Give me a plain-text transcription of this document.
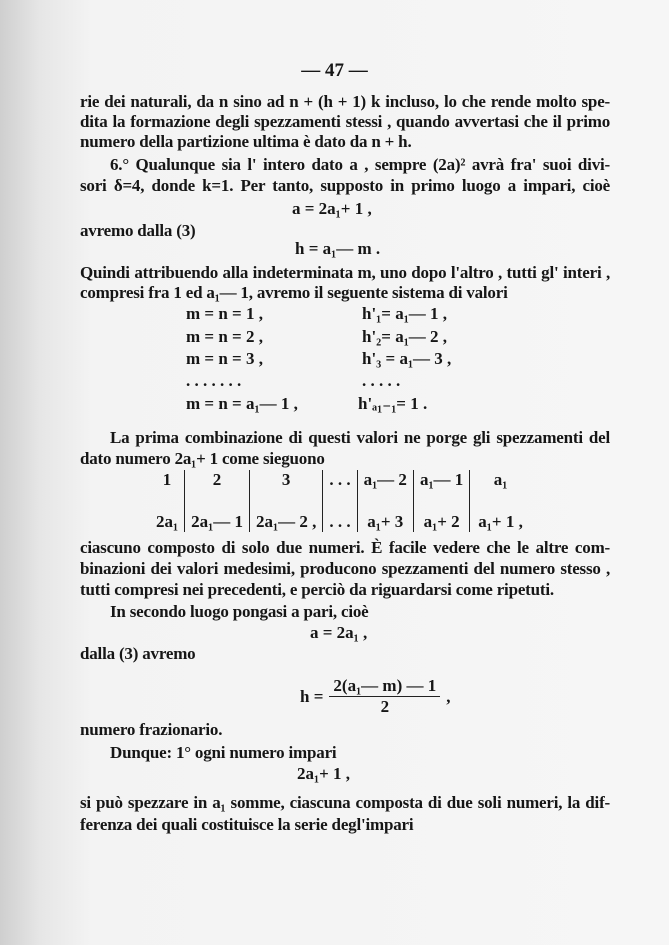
— 47 —
rie dei naturali, da n sino ad n + (h + 1) k incluso, lo che rende molto spe-
dita la formazione degli spezzamenti stessi , quando avvertasi che il primo
numero della partizione ultima è dato da n + h.
6.° Qualunque sia l' intero dato a , sempre (2a)² avrà fra' suoi divi-
sori δ=4, donde k=1. Per tanto, supposto in primo luogo a impari, cioè
a = 2a₁+ 1 ,
avremo dalla (3)
h = a₁— m .
Quindi attribuendo alla indeterminata m, uno dopo l'altro , tutti gl' interi ,
compresi fra 1 ed a₁— 1, avremo il seguente sistema di valori
m = n = 1 ,
m = n = 2 ,
m = n = 3 ,
. . . . . . .
m = n = a₁— 1 ,
h'₁= a₁— 1 ,
h'₂= a₁— 2 ,
h'₃ = a₁— 3 ,
. . . . .
h'ₐ₁₋₁= 1 .
La prima combinazione di questi valori ne porge gli spezzamenti del
dato numero 2a₁+ 1 come sieguono
1
2a₁
2
2a₁— 1
3
2a₁— 2 ,
. . .
. . .
a₁— 2
a₁+ 3
a₁— 1
a₁+ 2
a₁
a₁+ 1 ,
ciascuno composto di solo due numeri. È facile vedere che le altre com-
binazioni dei valori medesimi, producono spezzamenti del numero stesso ,
tutti compresi nei precedenti, e perciò da riguardarsi come ripetuti.
In secondo luogo pongasi a pari, cioè
a = 2a₁ ,
dalla (3) avremo
$h = \frac{\text{2(a₁— m) — 1}}{2}$ ,
numero frazionario.
Dunque: 1° ogni numero impari
2a₁+ 1 ,
si può spezzare in a₁ somme, ciascuna composta di due soli numeri, la dif-
ferenza dei quali costituisce la serie degl'impari
